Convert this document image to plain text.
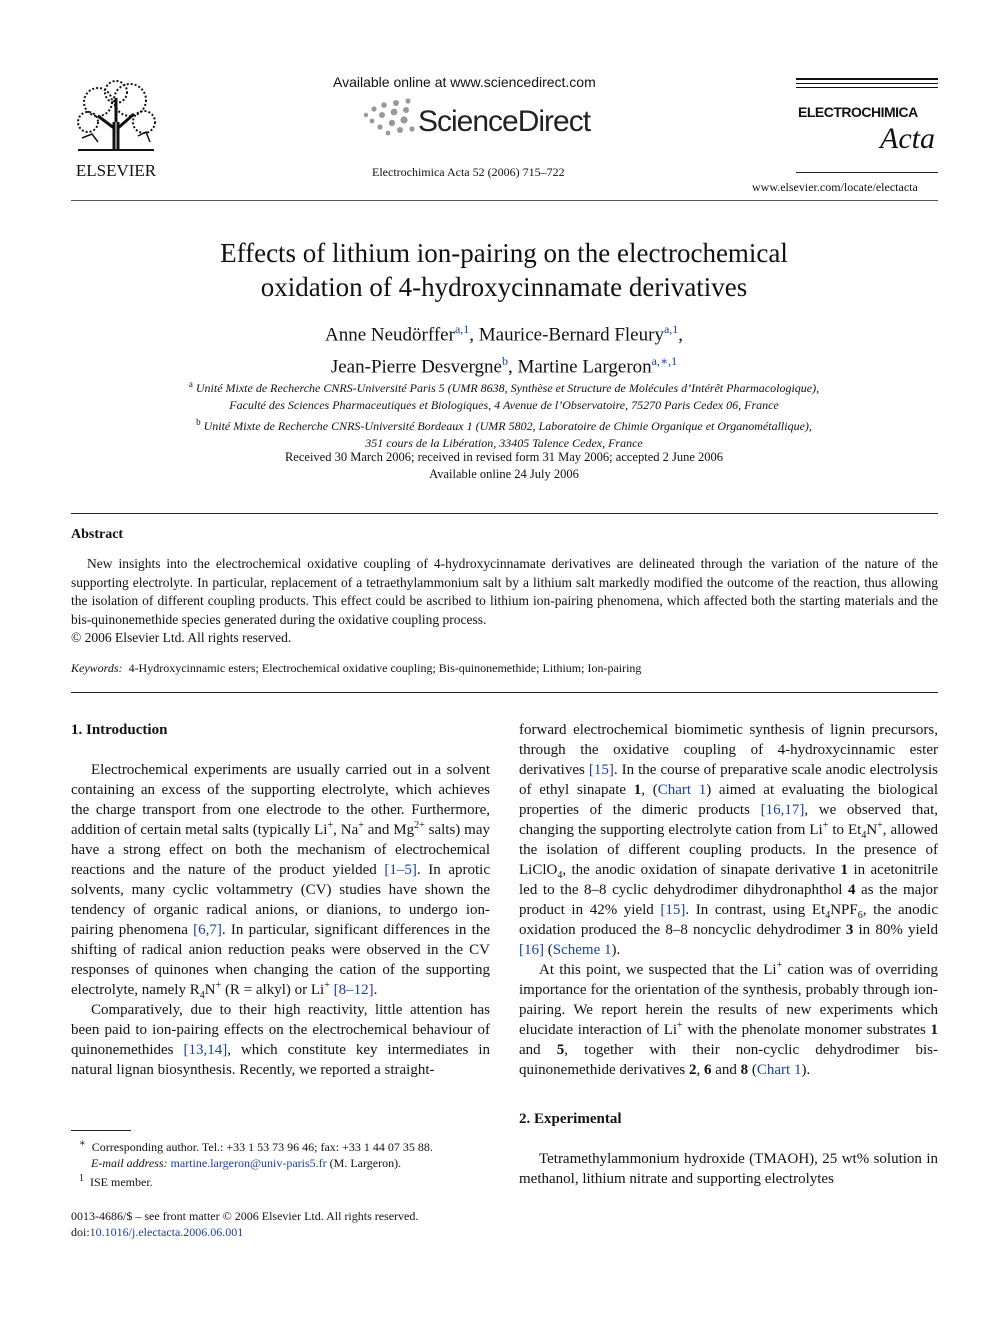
ELSEVIER
Available online at www.sciencedirect.com
ScienceDirect
Electrochimica Acta 52 (2006) 715–722
ELECTROCHIMICA
Acta
www.elsevier.com/locate/electacta
Effects of lithium ion-pairing on the electrochemical
oxidation of 4-hydroxycinnamate derivatives
Anne Neudörffer$^{a,1}$, Maurice-Bernard Fleury$^{a,1}$,
Jean-Pierre Desvergne$^b$, Martine Largeron$^{a,∗,1}$
$^a$ Unité Mixte de Recherche CNRS-Université Paris 5 (UMR 8638, Synthèse et Structure de Molécules d’Intérêt Pharmacologique),
Faculté des Sciences Pharmaceutiques et Biologiques, 4 Avenue de l’Observatoire, 75270 Paris Cedex 06, France
$^b$ Unité Mixte de Recherche CNRS-Université Bordeaux 1 (UMR 5802, Laboratoire de Chimie Organique et Organométallique),
351 cours de la Libération, 33405 Talence Cedex, France
Received 30 March 2006; received in revised form 31 May 2006; accepted 2 June 2006
Available online 24 July 2006
Abstract

New insights into the electrochemical oxidative coupling of 4-hydroxycinnamate derivatives are delineated through the variation of the nature of the supporting electrolyte. In particular, replacement of a tetraethylammonium salt by a lithium salt markedly modified the outcome of the reaction, thus allowing the isolation of different coupling products. This effect could be ascribed to lithium ion-pairing phenomena, which affected both the starting materials and the bis-quinonemethide species generated during the oxidative coupling process.

© 2006 Elsevier Ltd. All rights reserved.

Keywords: 4-Hydroxycinnamic esters; Electrochemical oxidative coupling; Bis-quinonemethide; Lithium; Ion-pairing
1. Introduction

Electrochemical experiments are usually carried out in a solvent containing an excess of the supporting electrolyte, which achieves the charge transport from one electrode to the other. Furthermore, addition of certain metal salts (typically Li+, Na+ and $Mg^{2+}$ salts) may have a strong effect on both the mechanism of electrochemical reactions and the nature of the product yielded [1–5]. In aprotic solvents, many cyclic voltammetry (CV) studies have shown the tendency of organic radical anions, or dianions, to undergo ion-pairing phenomena [6,7]. In particular, significant differences in the shifting of radical anion reduction peaks were observed in the CV responses of quinones when changing the cation of the supporting electrolyte, namely $R_4N^+$ (R = alkyl) or Li+ [8–12].

Comparatively, due to their high reactivity, little attention has been paid to ion-pairing effects on the electrochemical behaviour of quinonemethides [13,14], which constitute key intermediates in natural lignan biosynthesis. Recently, we reported a straight-

forward electrochemical biomimetic synthesis of lignin precursors, through the oxidative coupling of 4-hydroxycinnamic ester derivatives [15]. In the course of preparative scale anodic electrolysis of ethyl sinapate 1, (Chart 1) aimed at evaluating the biological properties of the dimeric products [16,17], we observed that, changing the supporting electrolyte cation from Li+ to $Et_4N^+$, allowed the isolation of different coupling products. In the presence of LiClO$_4$, the anodic oxidation of sinapate derivative 1 in acetonitrile led to the 8–8 cyclic dehydrodimer dihydronaphthol 4 as the major product in 42% yield [15]. In contrast, using $Et_4NPF_6$, the anodic oxidation produced the 8–8 noncyclic dehydrodimer 3 in 80% yield [16] (Scheme 1).

At this point, we suspected that the Li+ cation was of overriding importance for the orientation of the synthesis, probably through ion-pairing. We report herein the results of new experiments which elucidate interaction of Li+ with the phenolate monomer substrates 1 and 5, together with their non-cyclic dehydrodimer bis-quinonemethide derivatives 2, 6 and 8 (Chart 1).

2. Experimental

Tetramethylammonium hydroxide (TMAOH), 25 wt% solution in methanol, lithium nitrate and supporting electrolytes

∗ Corresponding author. Tel.: +33 1 53 73 96 46; fax: +33 1 44 07 35 88.

E-mail address: martine.largeron@univ-paris5.fr (M. Largeron).

$^1$ ISE member.

0013-4686/$ – see front matter © 2006 Elsevier Ltd. All rights reserved.
doi:10.1016/j.electacta.2006.06.001
